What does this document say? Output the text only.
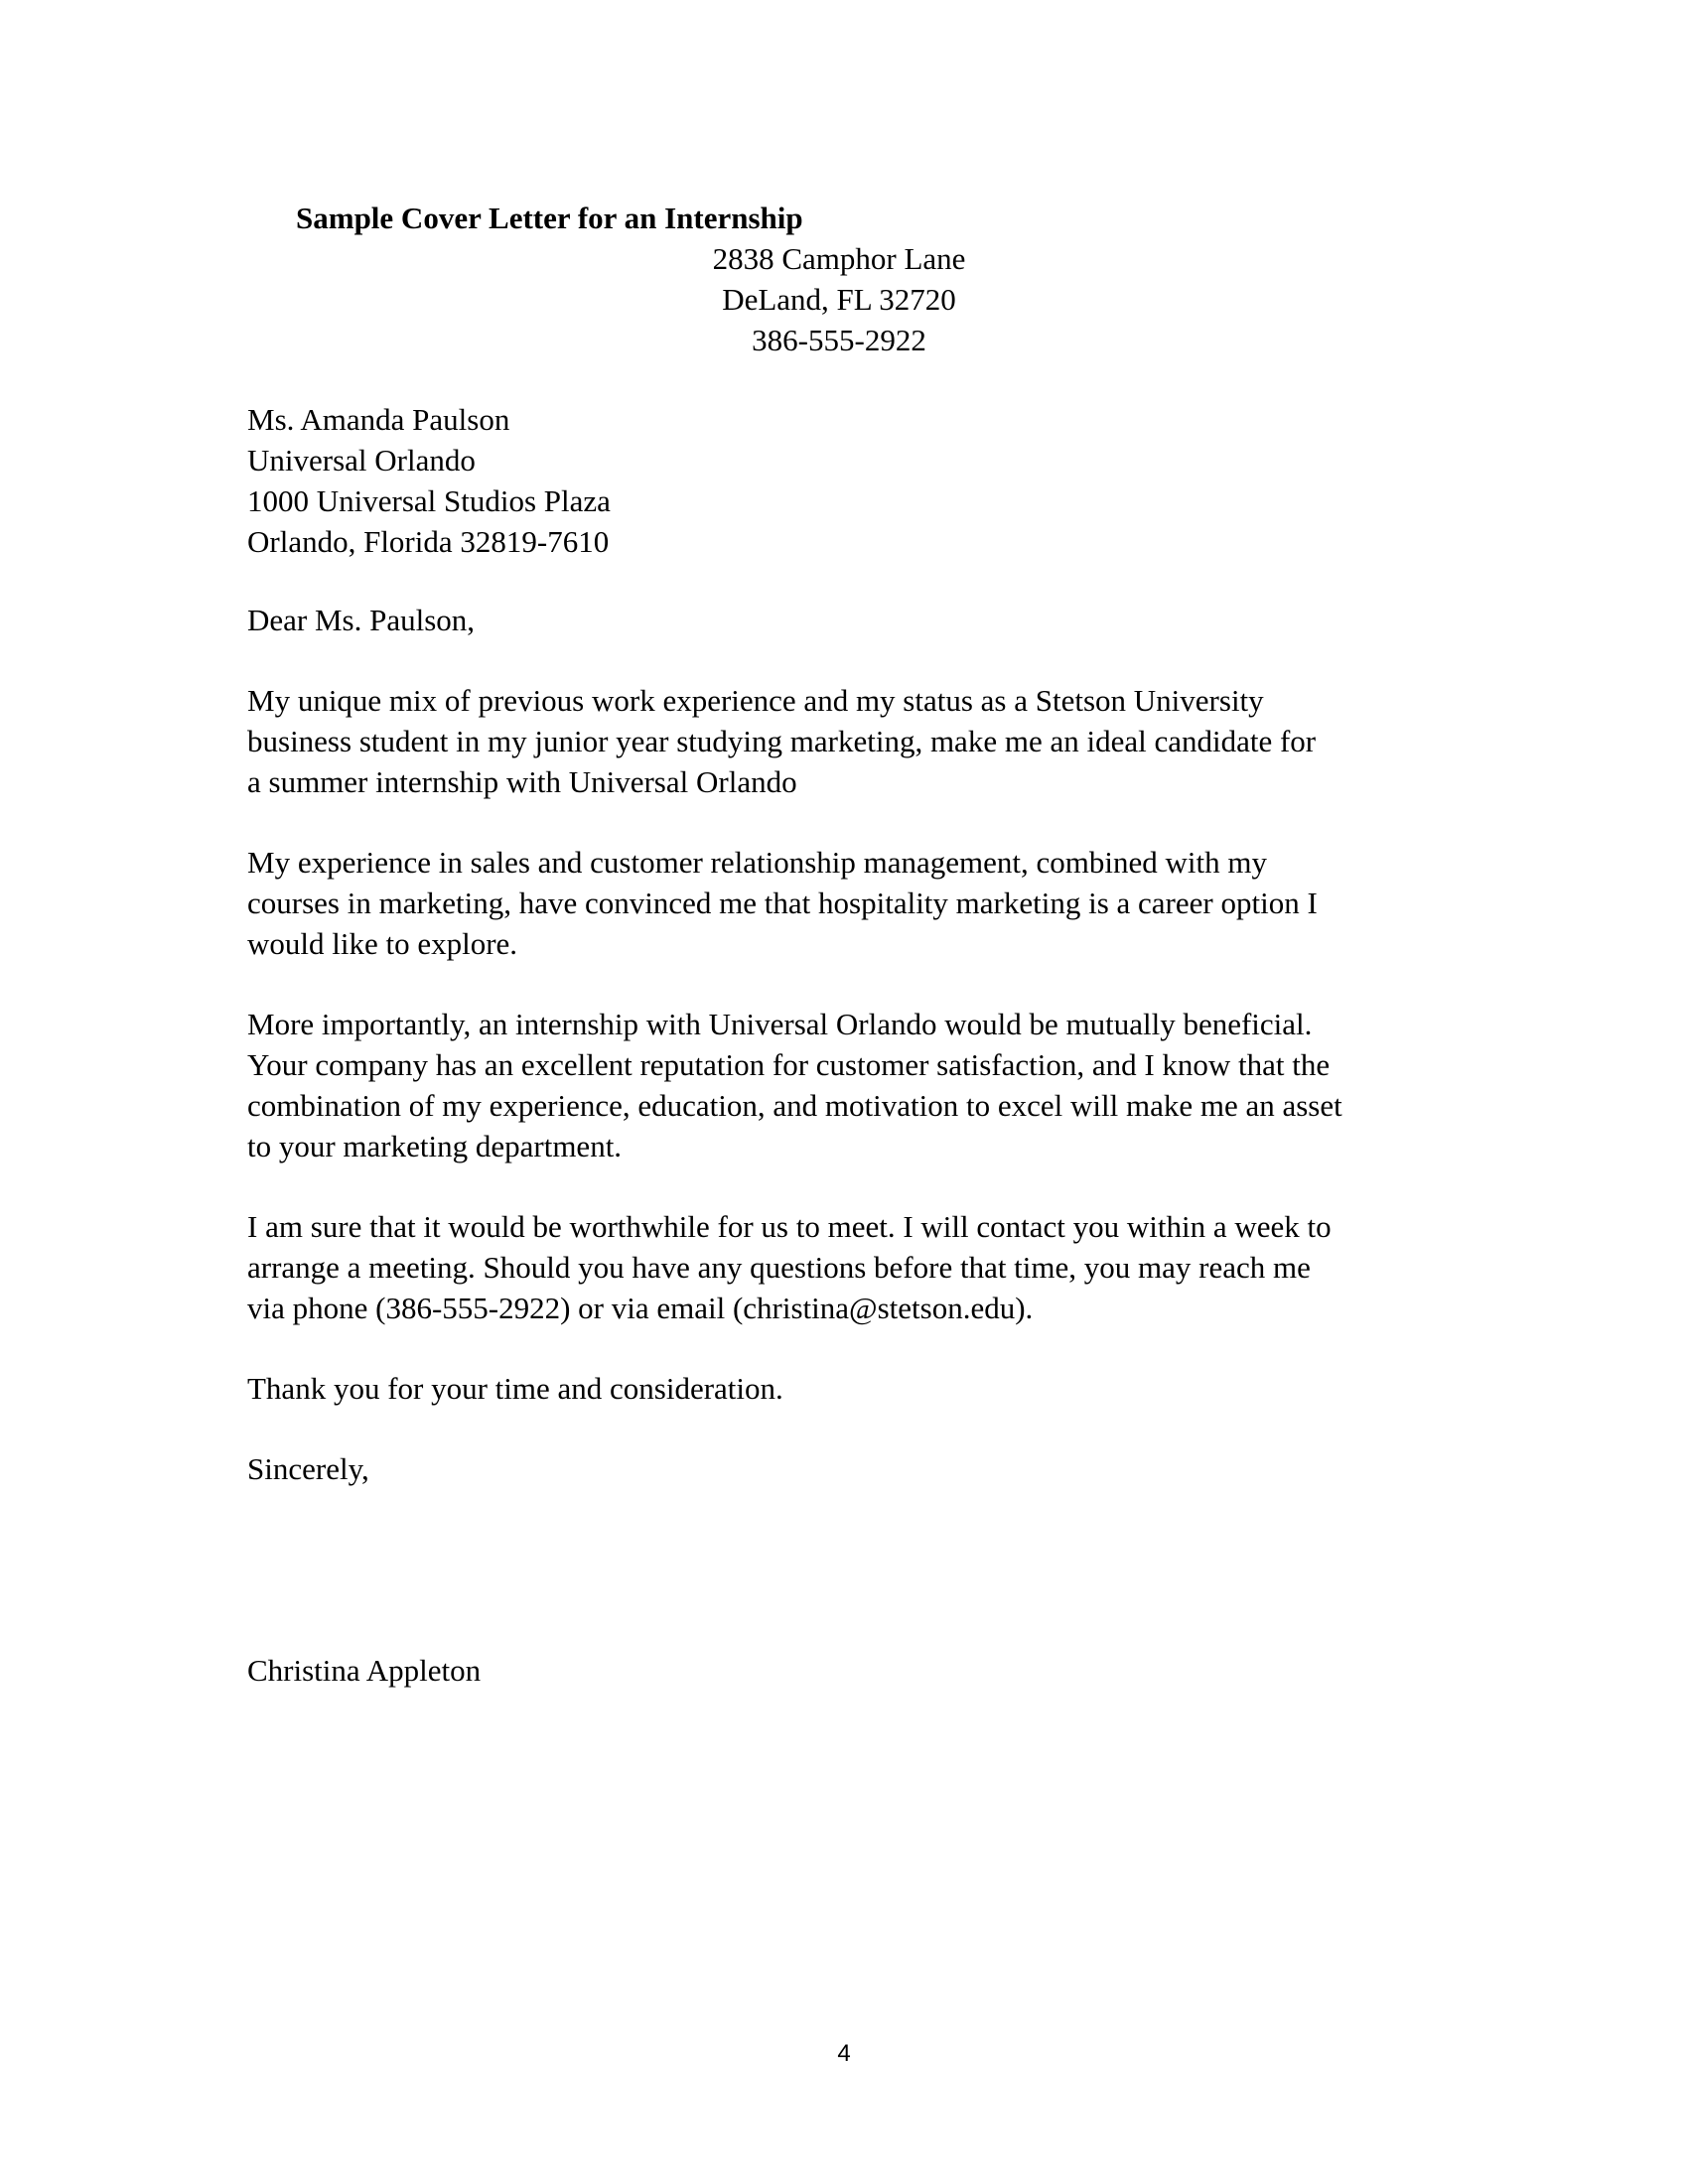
Sample Cover Letter for an Internship
2838 Camphor Lane
DeLand, FL 32720
386-555-2922
Ms. Amanda Paulson
Universal Orlando
1000 Universal Studios Plaza
Orlando, Florida 32819-7610
Dear Ms. Paulson,
My unique mix of previous work experience and my status as a Stetson University
business student in my junior year studying marketing, make me an ideal candidate for
a summer internship with Universal Orlando
My experience in sales and customer relationship management, combined with my
courses in marketing, have convinced me that hospitality marketing is a career option I
would like to explore.
More importantly, an internship with Universal Orlando would be mutually beneficial.
Your company has an excellent reputation for customer satisfaction, and I know that the
combination of my experience, education, and motivation to excel will make me an asset
to your marketing department.
I am sure that it would be worthwhile for us to meet. I will contact you within a week to
arrange a meeting. Should you have any questions before that time, you may reach me
via phone (386-555-2922) or via email (christina@stetson.edu).
Thank you for your time and consideration.
Sincerely,
Christina Appleton
4
